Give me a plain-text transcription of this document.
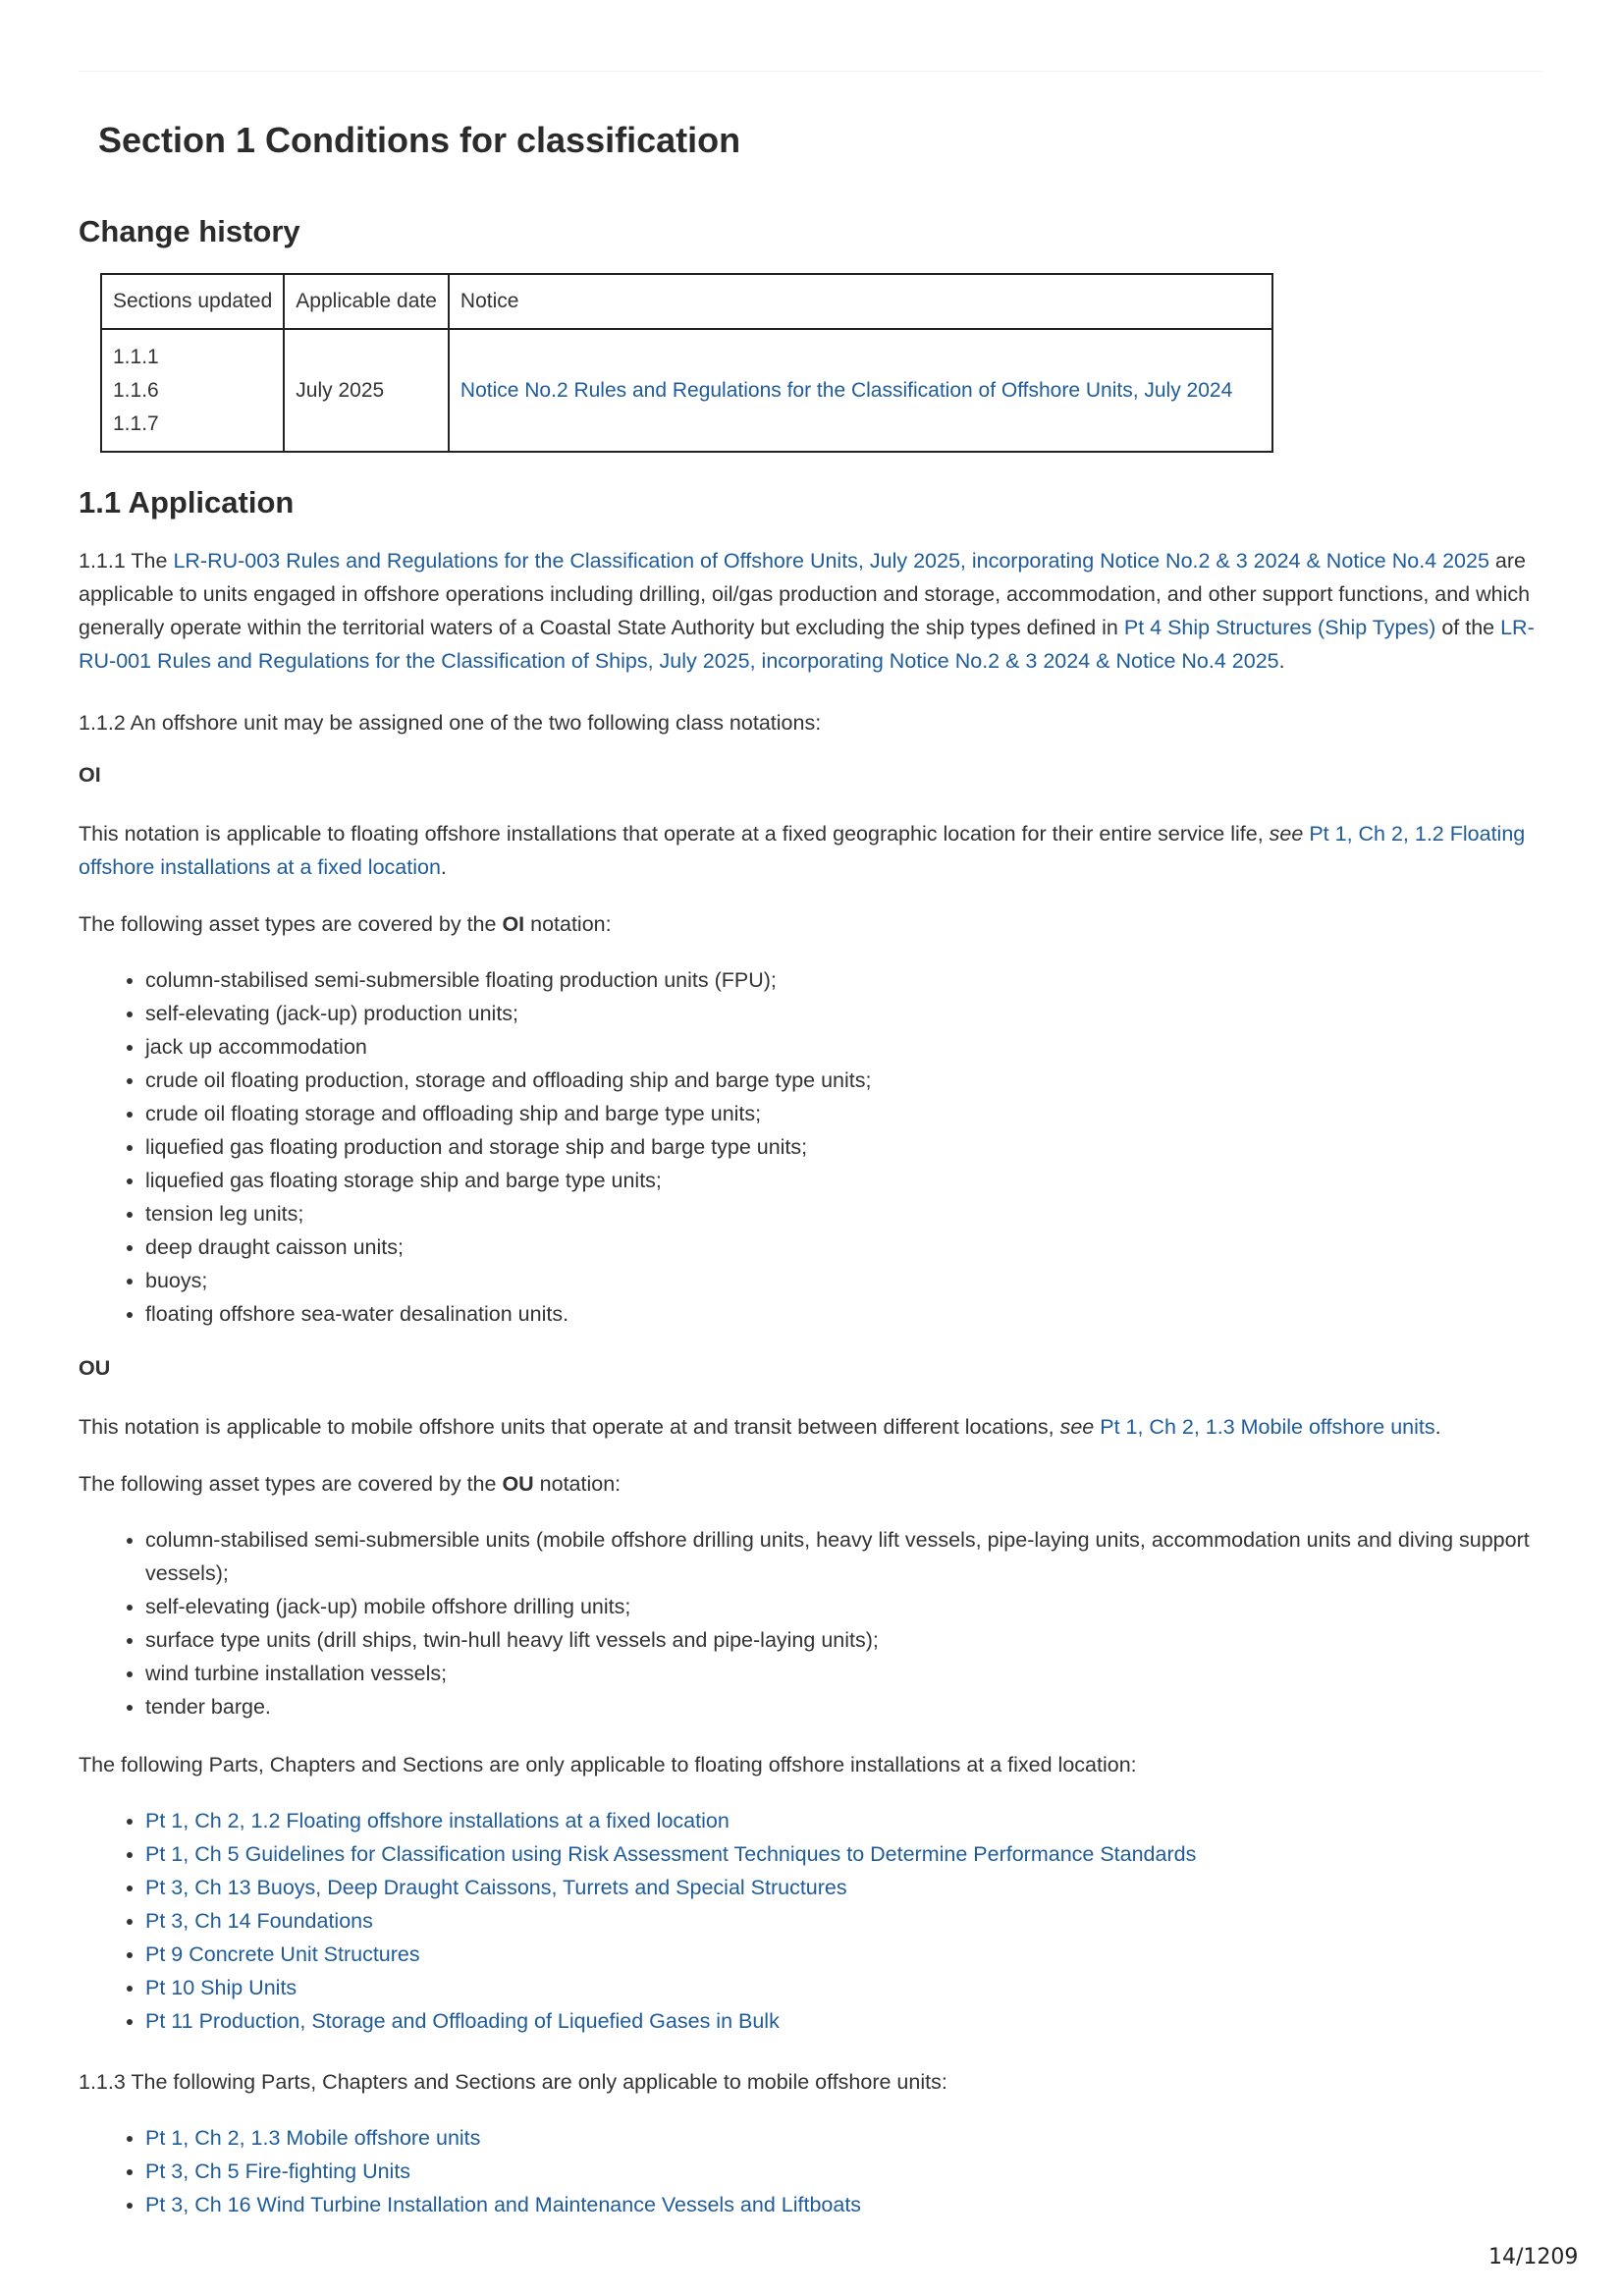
Section 1 Conditions for classification
Change history
Sections updated	Applicable date	Notice

1.1.1
1.1.6
1.1.7	July 2025	Notice No.2 Rules and Regulations for the Classification of Offshore Units, July 2024
1.1 Application

1.1.1 The LR-RU-003 Rules and Regulations for the Classification of Offshore Units, July 2025, incorporating Notice No.2 & 3 2024 & Notice No.4 2025 are applicable to units engaged in offshore operations including drilling, oil/gas production and storage, accommodation, and other support functions, and which generally operate within the territorial waters of a Coastal State Authority but excluding the ship types defined in Pt 4 Ship Structures (Ship Types) of the LR-RU-001 Rules and Regulations for the Classification of Ships, July 2025, incorporating Notice No.2 & 3 2024 & Notice No.4 2025.

1.1.2 An offshore unit may be assigned one of the two following class notations:

OI

This notation is applicable to floating offshore installations that operate at a fixed geographic location for their entire service life, see Pt 1, Ch 2, 1.2 Floating offshore installations at a fixed location.

The following asset types are covered by the OI notation:

• column-stabilised semi-submersible floating production units (FPU);
• self-elevating (jack-up) production units;
• jack up accommodation
• crude oil floating production, storage and offloading ship and barge type units;
• crude oil floating storage and offloading ship and barge type units;
• liquefied gas floating production and storage ship and barge type units;
• liquefied gas floating storage ship and barge type units;
• tension leg units;
• deep draught caisson units;
• buoys;
• floating offshore sea-water desalination units.

OU

This notation is applicable to mobile offshore units that operate at and transit between different locations, see Pt 1, Ch 2, 1.3 Mobile offshore units.

The following asset types are covered by the OU notation:

• column-stabilised semi-submersible units (mobile offshore drilling units, heavy lift vessels, pipe-laying units, accommodation units and diving support vessels);
• self-elevating (jack-up) mobile offshore drilling units;
• surface type units (drill ships, twin-hull heavy lift vessels and pipe-laying units);
• wind turbine installation vessels;
• tender barge.

The following Parts, Chapters and Sections are only applicable to floating offshore installations at a fixed location:

• Pt 1, Ch 2, 1.2 Floating offshore installations at a fixed location
• Pt 1, Ch 5 Guidelines for Classification using Risk Assessment Techniques to Determine Performance Standards
• Pt 3, Ch 13 Buoys, Deep Draught Caissons, Turrets and Special Structures
• Pt 3, Ch 14 Foundations
• Pt 9 Concrete Unit Structures
• Pt 10 Ship Units
• Pt 11 Production, Storage and Offloading of Liquefied Gases in Bulk

1.1.3 The following Parts, Chapters and Sections are only applicable to mobile offshore units:

• Pt 1, Ch 2, 1.3 Mobile offshore units
• Pt 3, Ch 5 Fire-fighting Units
• Pt 3, Ch 16 Wind Turbine Installation and Maintenance Vessels and Liftboats
14/1209
